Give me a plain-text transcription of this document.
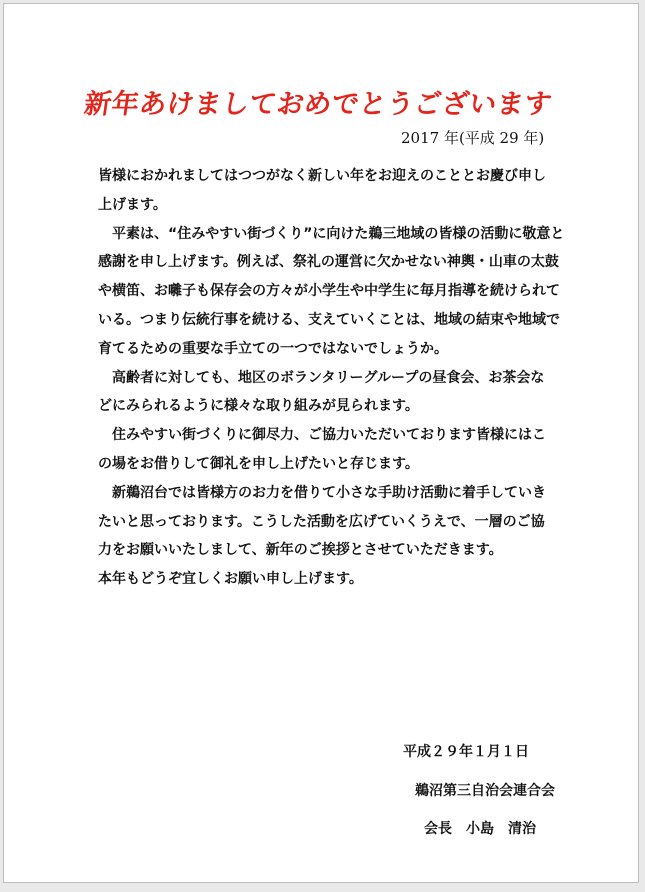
新年あけましておめでとうございます
2017 年(平成 29 年)

皆様におかれましてはつつがなく新しい年をお迎えのこととお慶び申し

上げます。

平素は、“住みやすい街づくり”に向けた鵜三地域の皆様の活動に敬意と

感謝を申し上げます。例えば、祭礼の運営に欠かせない神輿・山車の太鼓

や横笛、お囃子も保存会の方々が小学生や中学生に毎月指導を続けられて

いる。つまり伝統行事を続ける、支えていくことは、地域の結束や地域で

育てるための重要な手立ての一つではないでしょうか。

高齢者に対しても、地区のボランタリーグループの昼食会、お茶会な

どにみられるように様々な取り組みが見られます。

住みやすい街づくりに御尽力、ご協力いただいております皆様にはこ

の場をお借りして御礼を申し上げたいと存じます。

新鵜沼台では皆様方のお力を借りて小さな手助け活動に着手していき

たいと思っております。こうした活動を広げていくうえで、一層のご協

力をお願いいたしまして、新年のご挨拶とさせていただきます。

本年もどうぞ宜しくお願い申し上げます。

平成２９年１月１日
鵜沼第三自治会連合会
会長　小島　清治
